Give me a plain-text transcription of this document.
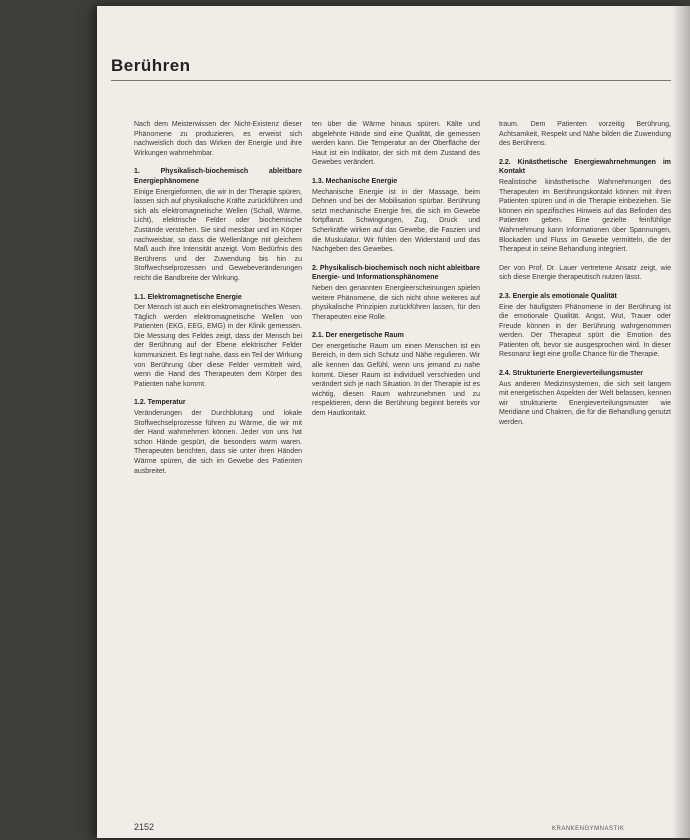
Berühren

Nach dem Meisterwissen der Nicht-Existenz dieser Phänomene zu produzieren, es erweist sich nachweislich doch das Wirken der Energie und ihre Wirkungen wahrnehmbar.

1. Physikalisch-biochemisch ableitbare Energiephänomene

Einige Energieformen, die wir in der Therapie spüren, lassen sich auf physikalische Kräfte zurückführen und sich als elektromagnetische Wellen (Schall, Wärme, Licht), elektrische Felder oder biochemische Zustände verstehen. Sie sind messbar und im Körper nachweisbar, so dass die Wellenlänge mit gleichem Maß auch ihre Intensität anzeigt. Vom Bedürfnis des Berührens und der Zuwendung bis hin zu Stoffwechselprozessen und Gewebeveränderungen reicht die Bandbreite der Wirkung.

1.1. Elektromagnetische Energie

Der Mensch ist auch ein elektromagnetisches Wesen. Täglich werden elektromagnetische Wellen von Patienten (EKG, EEG, EMG) in der Klinik gemessen. Die Messung des Feldes zeigt, dass der Mensch bei der Berührung auf der Ebene elektrischer Felder kommuniziert. Es liegt nahe, dass ein Teil der Wirkung von Berührung über diese Felder vermittelt wird, wenn die Hand des Therapeuten dem Körper des Patienten nahe kommt.

1.2. Temperatur

Veränderungen der Durchblutung und lokale Stoffwechselprozesse führen zu Wärme, die wir mit der Hand wahrnehmen können. Jeder von uns hat schon Hände gespürt, die besonders warm waren. Therapeuten berichten, dass sie unter ihren Händen Wärme spüren, die sich im Gewebe des Patienten ausbreitet.

ten über die Wärme hinaus spüren. Kälte und abgelehnte Hände sind eine Qualität, die gemessen werden kann. Die Temperatur an der Oberfläche der Haut ist ein Indikator, der sich mit dem Zustand des Gewebes verändert.

1.3. Mechanische Energie

Mechanische Energie ist in der Massage, beim Dehnen und bei der Mobilisation spürbar. Berührung setzt mechanische Energie frei, die sich im Gewebe fortpflanzt. Schwingungen, Zug, Druck und Scherkräfte wirken auf das Gewebe, die Faszien und die Muskulatur. Wir fühlen den Widerstand und das Nachgeben des Gewebes.

2. Physikalisch-biochemisch noch nicht ableitbare Energie- und Informationsphänomene

Neben den genannten Energieerscheinungen spielen weitere Phänomene, die sich nicht ohne weiteres auf physikalische Prinzipien zurückführen lassen, für den Therapeuten eine Rolle.

2.1. Der energetische Raum

Der energetische Raum um einen Menschen ist ein Bereich, in dem sich Schutz und Nähe regulieren. Wir alle kennen das Gefühl, wenn uns jemand zu nahe kommt. Dieser Raum ist individuell verschieden und verändert sich je nach Situation. In der Therapie ist es wichtig, diesen Raum wahrzunehmen und zu respektieren, denn die Berührung beginnt bereits vor dem Hautkontakt.

traum. Dem Patienten vorzeitig Berührung, Achtsamkeit, Respekt und Nähe bilden die Zuwendung des Berührens.

2.2. Kinästhetische Energiewahrnehmungen im Kontakt

Realistische kinästhetische Wahrnehmungen des Therapeuten im Berührungskontakt können mit ihren Patienten spüren und in die Therapie einbeziehen. Sie können ein spezifisches Hinweis auf das Befinden des Patienten geben. Eine gezielte feinfühlige Wahrnehmung kann Informationen über Spannungen, Blockaden und Fluss im Gewebe vermitteln, die der Therapeut in seine Behandlung integriert.

Der von Prof. Dr. Lauer vertretene Ansatz zeigt, wie sich diese Energie therapeutisch nutzen lässt.

2.3. Energie als emotionale Qualität

Eine der häufigsten Phänomene in der Berührung ist die emotionale Qualität. Angst, Wut, Trauer oder Freude können in der Berührung wahrgenommen werden. Der Therapeut spürt die Emotion des Patienten oft, bevor sie ausgesprochen wird. In dieser Resonanz liegt eine große Chance für die Therapie.

2.4. Strukturierte Energieverteilungsmuster

Aus anderen Medizinsystemen, die sich seit langem mit energetischen Aspekten der Welt befassen, kennen wir strukturierte Energieverteilungsmuster wie Meridiane und Chakren, die für die Behandlung genutzt werden.

2152	KRANKENGYMNASTIK
